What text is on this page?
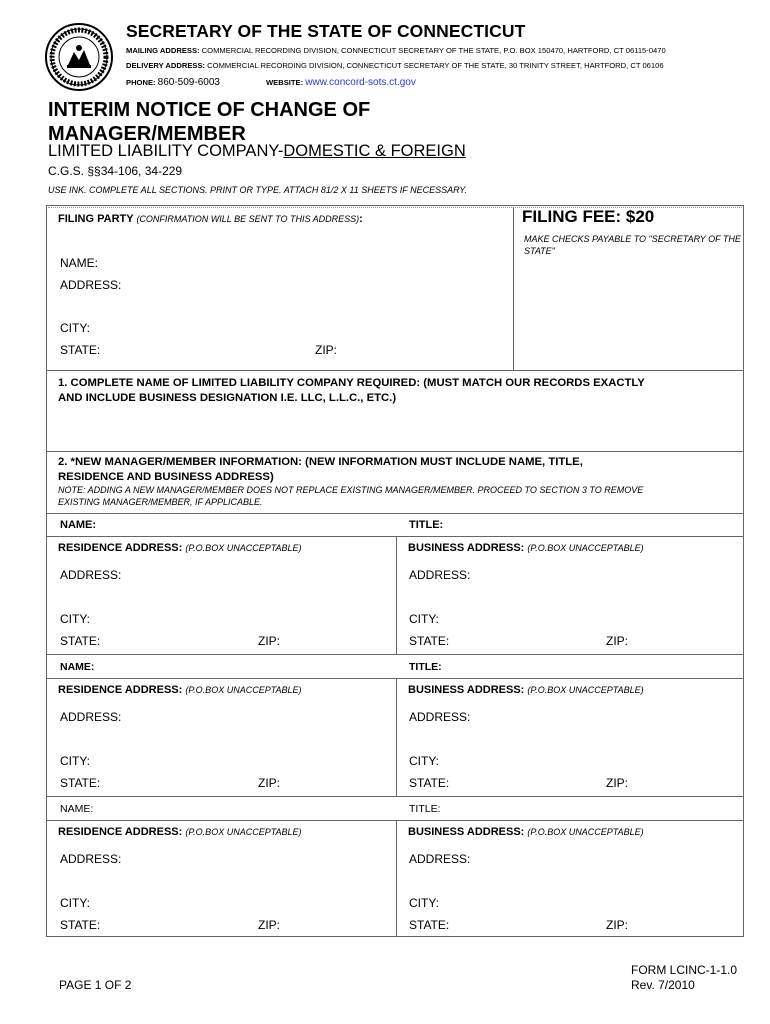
SECRETARY OF THE STATE OF CONNECTICUT
MAILING ADDRESS: COMMERCIAL RECORDING DIVISION, CONNECTICUT SECRETARY OF THE STATE, P.O. BOX 150470, HARTFORD, CT 06115-0470
DELIVERY ADDRESS: COMMERCIAL RECORDING DIVISION, CONNECTICUT SECRETARY OF THE STATE, 30 TRINITY STREET, HARTFORD, CT 06106
PHONE: 860-509-6003	WEBSITE: www.concord-sots.ct.gov
INTERIM NOTICE OF CHANGE OF
MANAGER/MEMBER
LIMITED LIABILITY COMPANY-DOMESTIC & FOREIGN
C.G.S. §§34-106, 34-229
USE INK. COMPLETE ALL SECTIONS. PRINT OR TYPE. ATTACH 81/2 X 11 SHEETS IF NECESSARY.
FILING PARTY (CONFIRMATION WILL BE SENT TO THIS ADDRESS):
NAME:
ADDRESS:
CITY:
STATE:	ZIP:
FILING FEE: $20
MAKE CHECKS PAYABLE TO "SECRETARY OF THE STATE"
1. COMPLETE NAME OF LIMITED LIABILITY COMPANY REQUIRED: (MUST MATCH OUR RECORDS EXACTLY
AND INCLUDE BUSINESS DESIGNATION I.E. LLC, L.L.C., ETC.)
2. *NEW MANAGER/MEMBER INFORMATION: (NEW INFORMATION MUST INCLUDE NAME, TITLE,
RESIDENCE AND BUSINESS ADDRESS)
NOTE: ADDING A NEW MANAGER/MEMBER DOES NOT REPLACE EXISTING MANAGER/MEMBER. PROCEED TO SECTION 3 TO REMOVE
EXISTING MANAGER/MEMBER, IF APPLICABLE.
NAME:	TITLE:
RESIDENCE ADDRESS: (P.O.BOX UNACCEPTABLE)	BUSINESS ADDRESS: (P.O.BOX UNACCEPTABLE)
ADDRESS:	ADDRESS:
CITY:	CITY:
STATE:	ZIP:	STATE:	ZIP:
NAME:	TITLE:
RESIDENCE ADDRESS: (P.O.BOX UNACCEPTABLE)	BUSINESS ADDRESS: (P.O.BOX UNACCEPTABLE)
ADDRESS:	ADDRESS:
CITY:	CITY:
STATE:	ZIP:	STATE:	ZIP:
NAME:	TITLE:
RESIDENCE ADDRESS: (P.O.BOX UNACCEPTABLE)	BUSINESS ADDRESS: (P.O.BOX UNACCEPTABLE)
ADDRESS:	ADDRESS:
CITY:	CITY:
STATE:	ZIP:	STATE:	ZIP:
PAGE 1 OF 2
FORM LCINC-1-1.0
Rev. 7/2010
